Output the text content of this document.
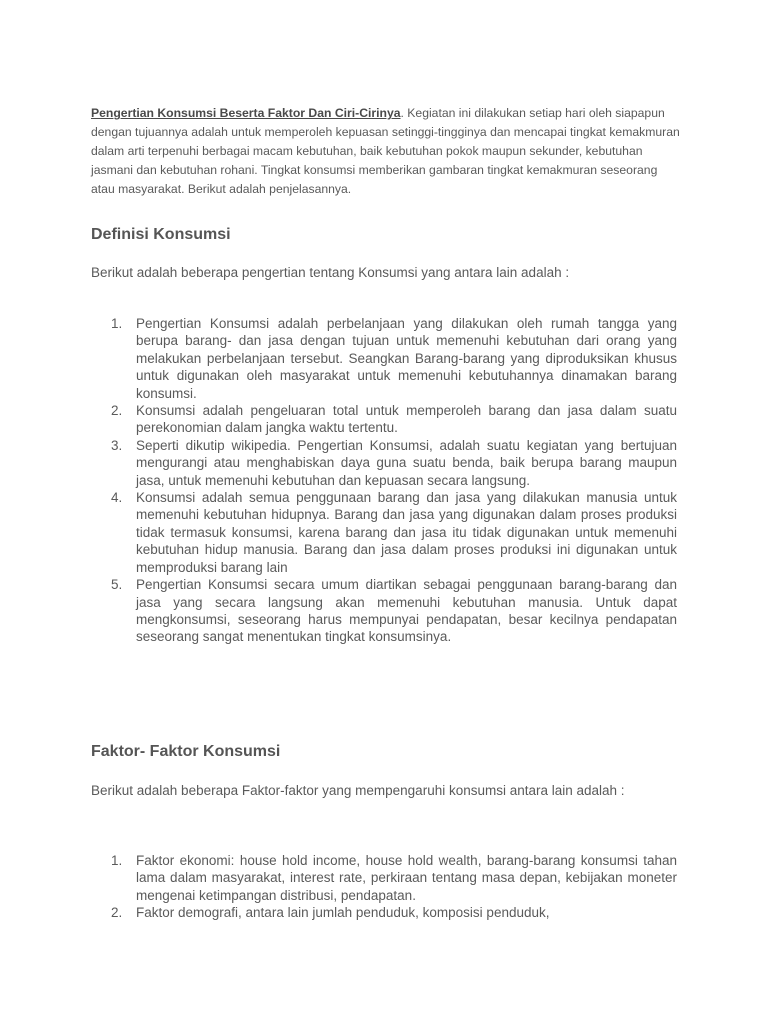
Pengertian Konsumsi Beserta Faktor Dan Ciri-Cirinya. Kegiatan ini dilakukan setiap hari oleh siapapun dengan tujuannya adalah untuk memperoleh kepuasan setinggi-tingginya dan mencapai tingkat kemakmuran dalam arti terpenuhi berbagai macam kebutuhan, baik kebutuhan pokok maupun sekunder, kebutuhan jasmani dan kebutuhan rohani. Tingkat konsumsi memberikan gambaran tingkat kemakmuran seseorang atau masyarakat. Berikut adalah penjelasannya.

Definisi Konsumsi

Berikut adalah beberapa pengertian tentang Konsumsi yang antara lain adalah :

1. Pengertian Konsumsi adalah perbelanjaan yang dilakukan oleh rumah tangga yang berupa barang- dan jasa dengan tujuan untuk memenuhi kebutuhan dari orang yang melakukan perbelanjaan tersebut. Seangkan Barang-barang yang diproduksikan khusus untuk digunakan oleh masyarakat untuk memenuhi kebutuhannya dinamakan barang konsumsi.
2. Konsumsi adalah pengeluaran total untuk memperoleh barang dan jasa dalam suatu perekonomian dalam jangka waktu tertentu.
3. Seperti dikutip wikipedia. Pengertian Konsumsi, adalah suatu kegiatan yang bertujuan mengurangi atau menghabiskan daya guna suatu benda, baik berupa barang maupun jasa, untuk memenuhi kebutuhan dan kepuasan secara langsung.
4. Konsumsi adalah semua penggunaan barang dan jasa yang dilakukan manusia untuk memenuhi kebutuhan hidupnya. Barang dan jasa yang digunakan dalam proses produksi tidak termasuk konsumsi, karena barang dan jasa itu tidak digunakan untuk memenuhi kebutuhan hidup manusia. Barang dan jasa dalam proses produksi ini digunakan untuk memproduksi barang lain
5. Pengertian Konsumsi secara umum diartikan sebagai penggunaan barang-barang dan jasa yang secara langsung akan memenuhi kebutuhan manusia. Untuk dapat mengkonsumsi, seseorang harus mempunyai pendapatan, besar kecilnya pendapatan seseorang sangat menentukan tingkat konsumsinya.
Faktor- Faktor Konsumsi

Berikut adalah beberapa Faktor-faktor yang mempengaruhi konsumsi antara lain adalah :

1. Faktor ekonomi: house hold income, house hold wealth, barang-barang konsumsi tahan lama dalam masyarakat, interest rate, perkiraan tentang masa depan, kebijakan moneter mengenai ketimpangan distribusi, pendapatan.
2. Faktor demografi, antara lain jumlah penduduk, komposisi penduduk,
